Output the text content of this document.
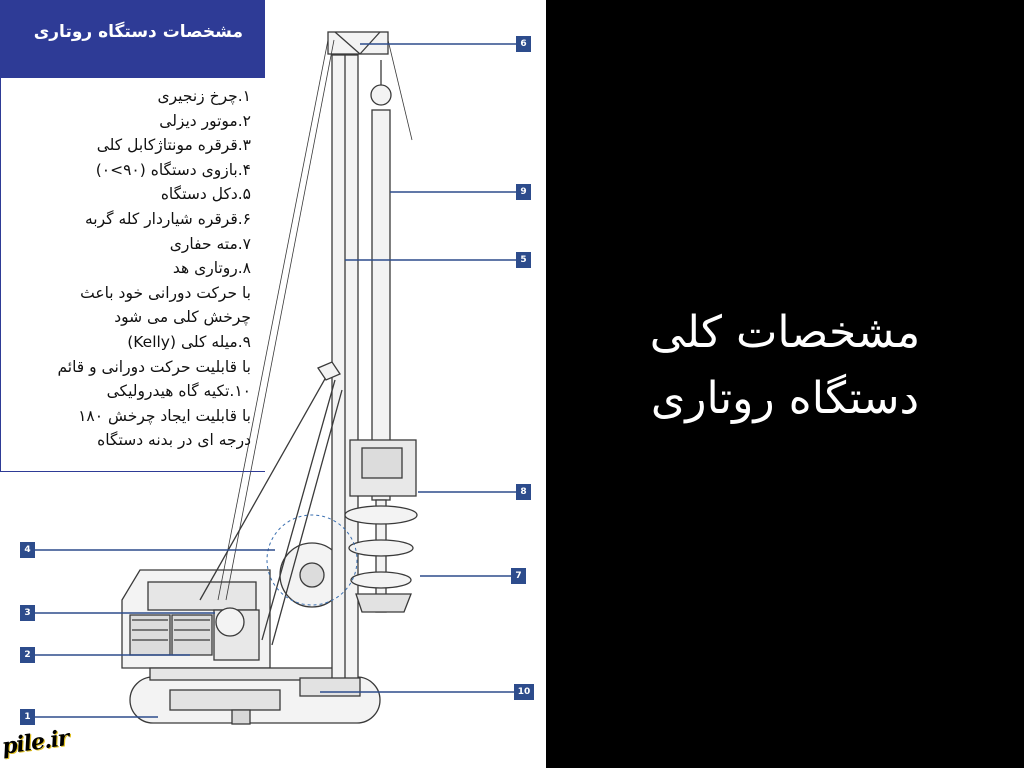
مشخصات دستگاه روتاری
۱.چرخ زنجیری
۲.موتور دیزلی
۳.قرقره مونتاژکابل کلی
۴.بازوی دستگاه (۹۰>۰)
۵.دکل دستگاه
۶.قرقره شیاردار کله گربه
۷.مته حفاری
۸.روتاری هد
با حرکت دورانی خود باعث
چرخش کلی می شود
۹.میله کلی (Kelly)
با قابلیت حرکت دورانی و قائم
۱۰.تکیه گاه هیدرولیکی
با قابلیت ایجاد چرخش ۱۸۰
درجه ای در بدنه دستگاه
6
9
5
8
7
4
3
2
10
1
pile.ir
مشخصات کلی
دستگاه روتاری
